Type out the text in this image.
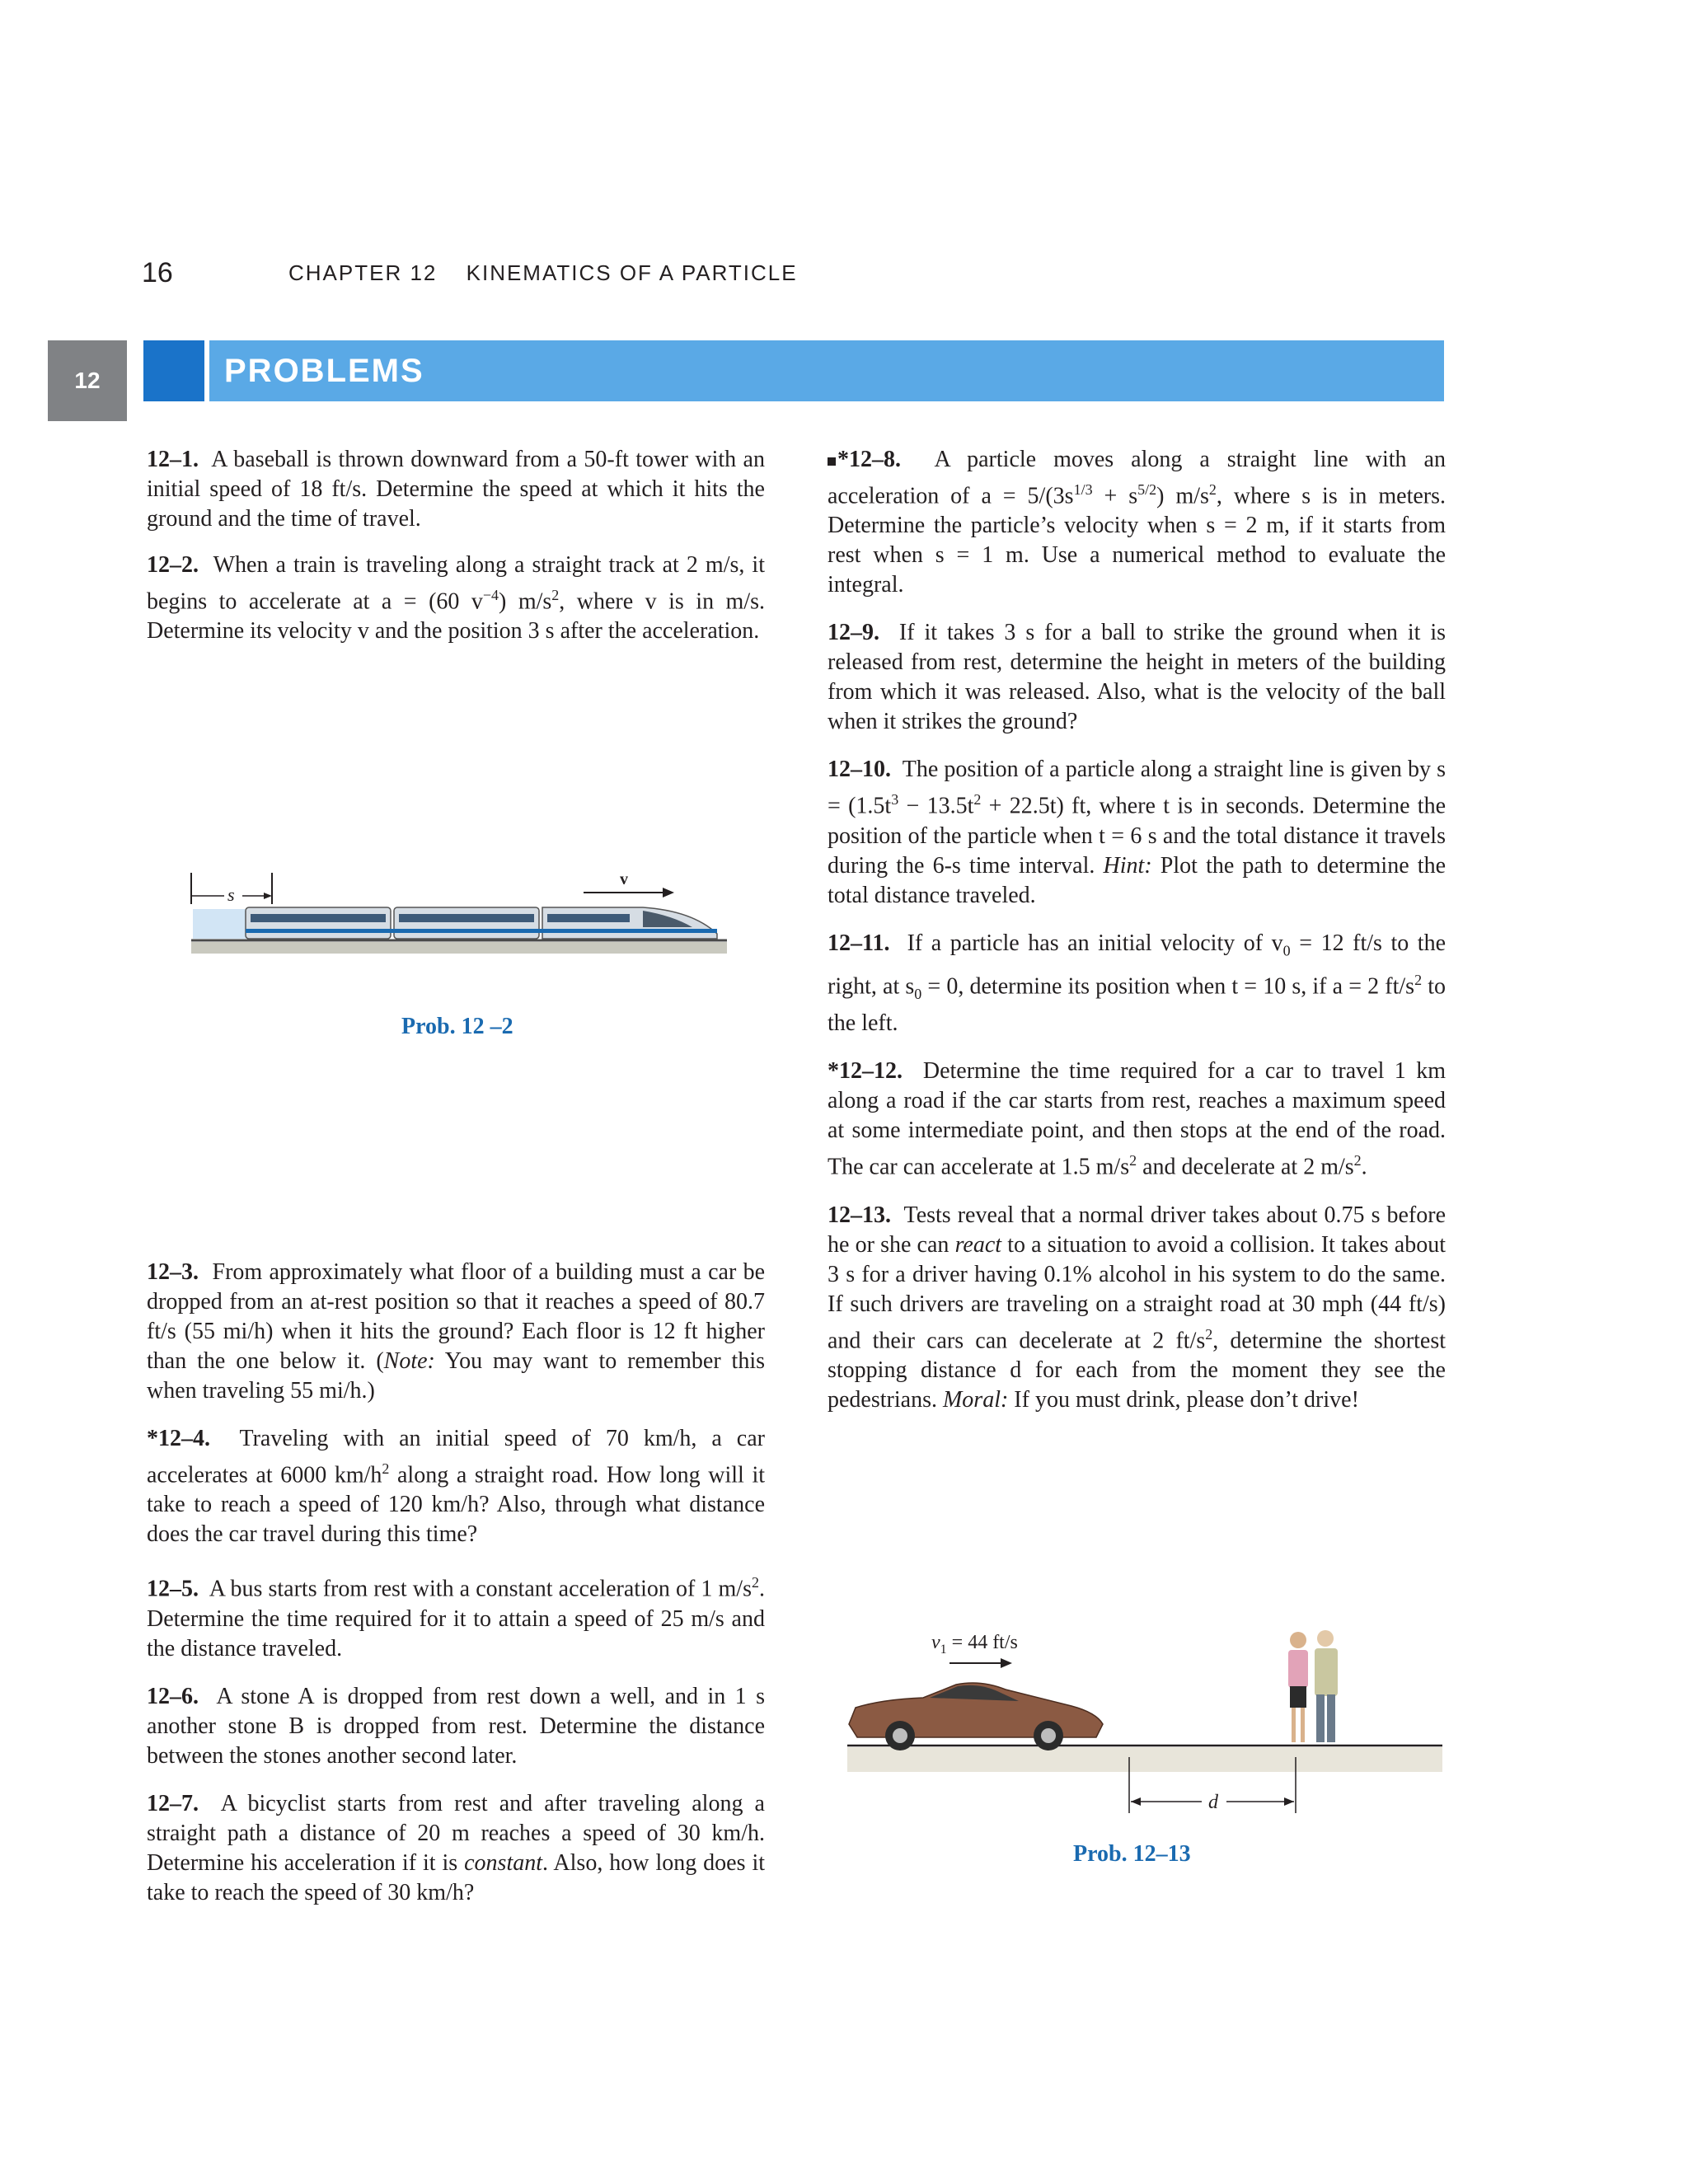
16	CHAPTER 12 KINEMATICS OF A PARTICLE
12	PROBLEMS

12–1. A baseball is thrown downward from a 50-ft tower with an initial speed of 18 ft/s. Determine the speed at which it hits the ground and the time of travel.

12–2. When a train is traveling along a straight track at 2 m/s, it begins to accelerate at a = (60 $v^{-4}$) $m/s^2$, where v is in m/s. Determine its velocity v and the position 3 s after the acceleration.

s
v
Prob. 12 –2

12–3. From approximately what floor of a building must a car be dropped from an at-rest position so that it reaches a speed of 80.7 ft/s (55 mi/h) when it hits the ground? Each floor is 12 ft higher than the one below it. (Note: You may want to remember this when traveling 55 mi/h.)

*12–4. Traveling with an initial speed of 70 km/h, a car accelerates at 6000 $km/h^2$ along a straight road. How long will it take to reach a speed of 120 km/h? Also, through what distance does the car travel during this time?

12–5. A bus starts from rest with a constant acceleration of 1 $m/s^2$. Determine the time required for it to attain a speed of 25 m/s and the distance traveled.

12–6. A stone A is dropped from rest down a well, and in 1 s another stone B is dropped from rest. Determine the distance between the stones another second later.

12–7. A bicyclist starts from rest and after traveling along a straight path a distance of 20 m reaches a speed of 30 km/h. Determine his acceleration if it is constant. Also, how long does it take to reach the speed of 30 km/h?

*12–8. A particle moves along a straight line with an acceleration of $a = 5/(3s^{1/3} + s^{5/2})$ $m/s^2$, where s is in meters. Determine the particle’s velocity when s = 2 m, if it starts from rest when s = 1 m. Use a numerical method to evaluate the integral.

12–9. If it takes 3 s for a ball to strike the ground when it is released from rest, determine the height in meters of the building from which it was released. Also, what is the velocity of the ball when it strikes the ground?

12–10. The position of a particle along a straight line is given by $s = (1.5t^3 - 13.5t^2 + 22.5t)$ ft, where t is in seconds. Determine the position of the particle when t = 6 s and the total distance it travels during the 6-s time interval. Hint: Plot the path to determine the total distance traveled.

12–11. If a particle has an initial velocity of $v_0 = 12$ ft/s to the right, at $s_0 = 0$, determine its position when t = 10 s, if a = 2 $ft/s^2$ to the left.

*12–12. Determine the time required for a car to travel 1 km along a road if the car starts from rest, reaches a maximum speed at some intermediate point, and then stops at the end of the road. The car can accelerate at 1.5 $m/s^2$ and decelerate at 2 $m/s^2$.

12–13. Tests reveal that a normal driver takes about 0.75 s before he or she can react to a situation to avoid a collision. It takes about 3 s for a driver having 0.1% alcohol in his system to do the same. If such drivers are traveling on a straight road at 30 mph (44 ft/s) and their cars can decelerate at 2 $ft/s^2$, determine the shortest stopping distance d for each from the moment they see the pedestrians. Moral: If you must drink, please don’t drive!

$v_1 = 44$ ft/s
d
Prob. 12–13
